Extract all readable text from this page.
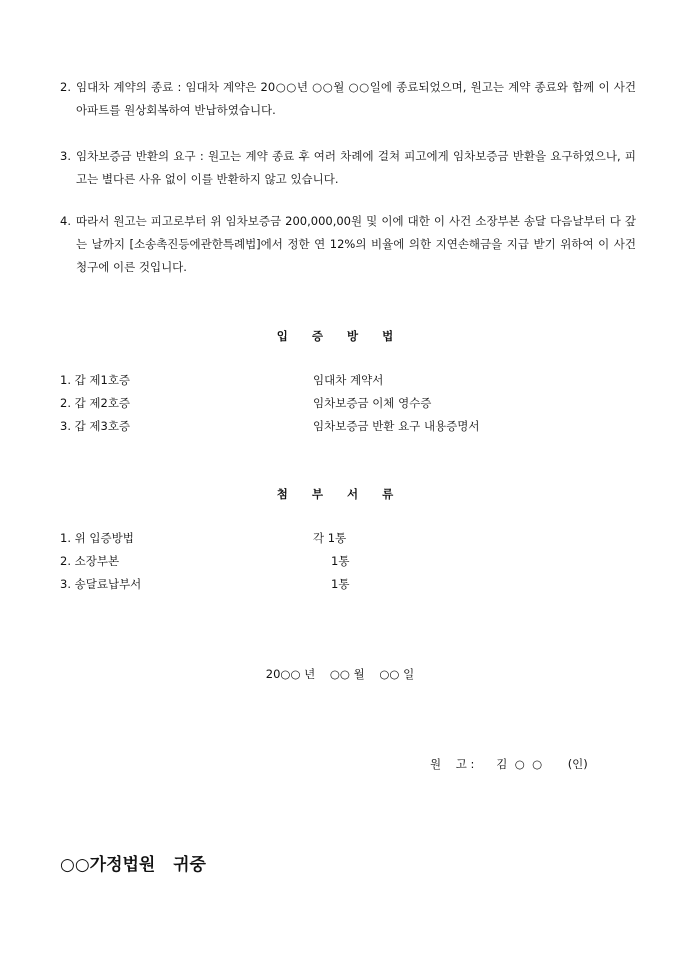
2. 임대차 계약의 종료 : 임대차 계약은 20○○년 ○○월 ○○일에 종료되었으며, 원고는 계약 종료와 함께 이 사건 아파트를 원상회복하여 반납하였습니다.
3. 임차보증금 반환의 요구 : 원고는 계약 종료 후 여러 차례에 걸쳐 피고에게 임차보증금 반환을 요구하였으나, 피고는 별다른 사유 없이 이를 반환하지 않고 있습니다.
4. 따라서 원고는 피고로부터 위 임차보증금 200,000,00원 및 이에 대한 이 사건 소장부본 송달 다음날부터 다 갚는 날까지 [소송촉진등에관한특례법]에서 정한 연 12%의 비율에 의한 지연손해금을 지급 받기 위하여 이 사건 청구에 이른 것입니다.
입 증 방 법
1. 갑 제1호증	임대차 계약서
2. 갑 제2호증	임차보증금 이체 영수증
3. 갑 제3호증	임차보증금 반환 요구 내용증명서
첨 부 서 류
1. 위 입증방법	각 1통
2. 소장부본	1통
3. 송달료납부서	1통
20○○ 년    ○○ 월    ○○ 일
원    고 :      김  ○  ○       (인)
○○가정법원   귀중
